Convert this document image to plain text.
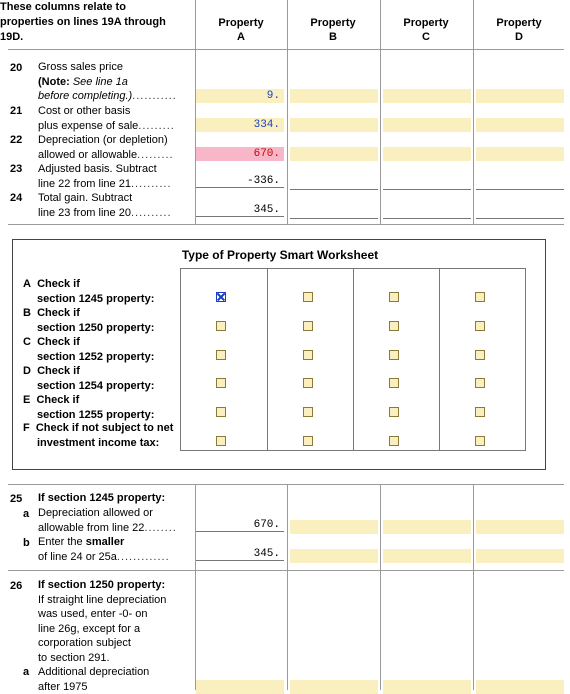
These columns relate to
properties on lines 19A through
19D.
Property
A
Property
B
Property
C
Property
D
20 Gross sales price
(Note: See line 1a
before completing.)...........	9.
21 Cost or other basis
plus expense of sale.........	334.
22 Depreciation (or depletion)
allowed or allowable.........	670.
23 Adjusted basis. Subtract
line 22 from line 21..........	-336.
24 Total gain. Subtract
line 23 from line 20..........	345.
Type of Property Smart Worksheet
A Check if
section 1245 property:
B Check if
section 1250 property:
C Check if
section 1252 property:
D Check if
section 1254 property:
E Check if
section 1255 property:
F Check if not subject to net
investment income tax:
25 If section 1245 property:
a Depreciation allowed or
allowable from line 22........	670.
b Enter the smaller
of line 24 or 25a.............	345.
26 If section 1250 property:
If straight line depreciation
was used, enter -0- on
line 26g, except for a
corporation subject
to section 291.
a Additional depreciation
after 1975
